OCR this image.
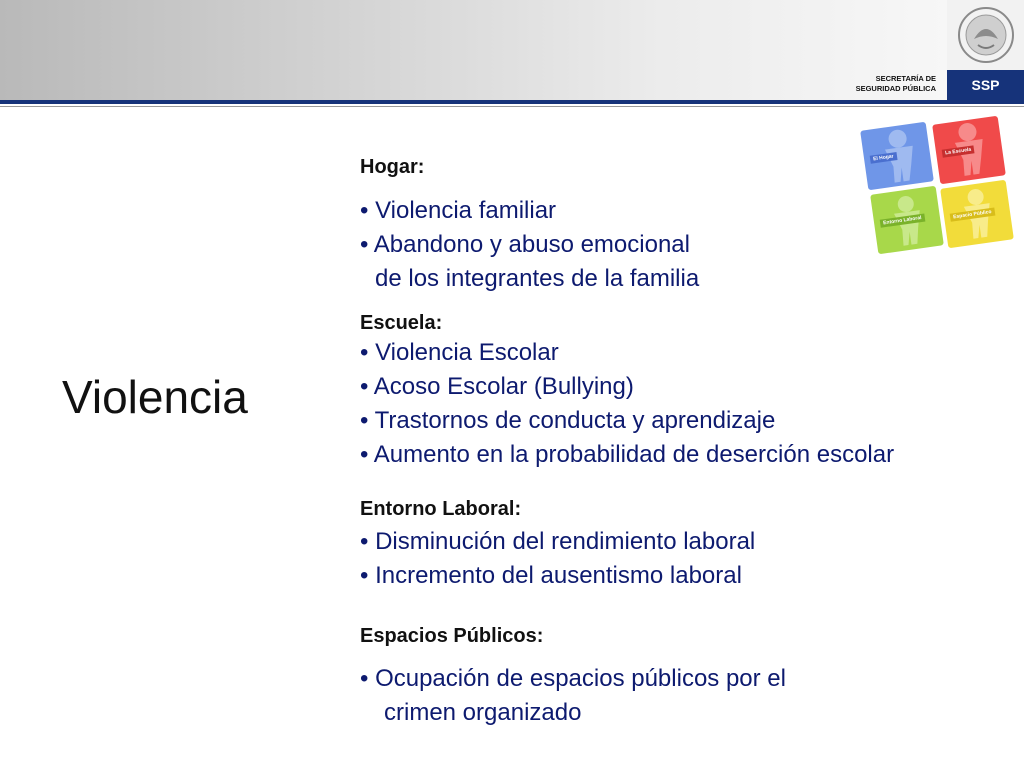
SECRETARÍA DE
SEGURIDAD PÚBLICA	SSP
Violencia
Hogar:
• Violencia familiar
• Abandono y abuso emocional
de los integrantes de la familia
Escuela:
• Violencia Escolar
• Acoso Escolar (Bullying)
• Trastornos de conducta y aprendizaje
• Aumento en la probabilidad de deserción escolar
Entorno Laboral:
• Disminución del rendimiento laboral
• Incremento del ausentismo laboral
Espacios Públicos:
• Ocupación de espacios públicos por el
crimen organizado
El Hogar
La Escuela
Entorno Laboral
Espacio Público
